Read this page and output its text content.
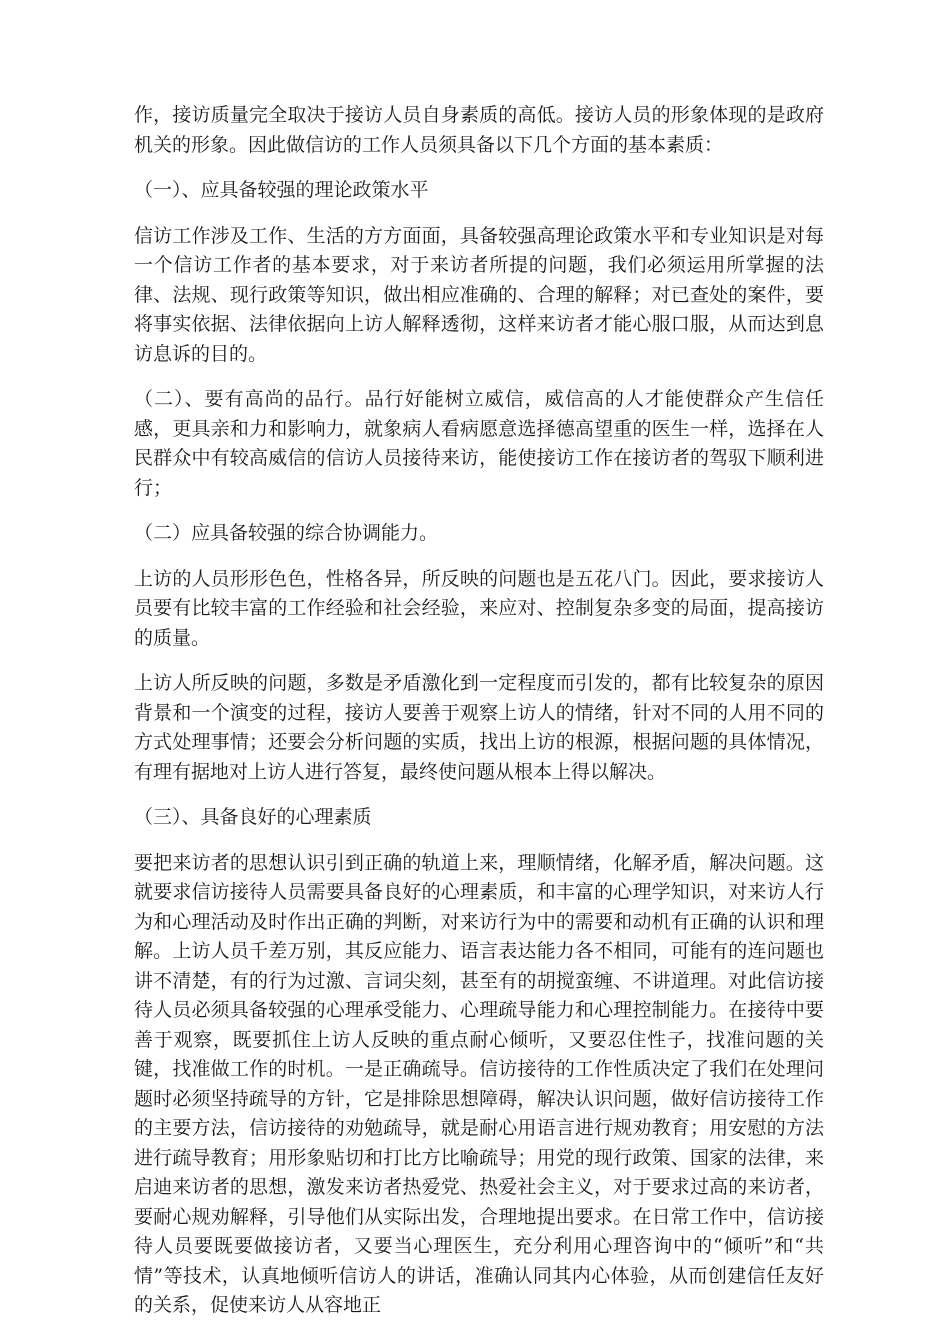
作，接访质量完全取决于接访人员自身素质的高低。接访人员的形象体现的是政府机关的形象。因此做信访的工作人员须具备以下几个方面的基本素质：

（一）、应具备较强的理论政策水平

信访工作涉及工作、生活的方方面面，具备较强高理论政策水平和专业知识是对每一个信访工作者的基本要求，对于来访者所提的问题，我们必须运用所掌握的法律、法规、现行政策等知识，做出相应准确的、合理的解释；对已查处的案件，要将事实依据、法律依据向上访人解释透彻，这样来访者才能心服口服，从而达到息访息诉的目的。

（二）、要有高尚的品行。品行好能树立威信，威信高的人才能使群众产生信任感，更具亲和力和影响力，就象病人看病愿意选择德高望重的医生一样，选择在人民群众中有较高威信的信访人员接待来访，能使接访工作在接访者的驾驭下顺利进行；

（二）应具备较强的综合协调能力。

上访的人员形形色色，性格各异，所反映的问题也是五花八门。因此，要求接访人员要有比较丰富的工作经验和社会经验，来应对、控制复杂多变的局面，提高接访的质量。

上访人所反映的问题，多数是矛盾激化到一定程度而引发的，都有比较复杂的原因背景和一个演变的过程，接访人要善于观察上访人的情绪，针对不同的人用不同的方式处理事情；还要会分析问题的实质，找出上访的根源，根据问题的具体情况，有理有据地对上访人进行答复，最终使问题从根本上得以解决。

（三）、具备良好的心理素质

要把来访者的思想认识引到正确的轨道上来，理顺情绪，化解矛盾，解决问题。这就要求信访接待人员需要具备良好的心理素质，和丰富的心理学知识，对来访人行为和心理活动及时作出正确的判断，对来访行为中的需要和动机有正确的认识和理解。上访人员千差万别，其反应能力、语言表达能力各不相同，可能有的连问题也讲不清楚，有的行为过激、言词尖刻，甚至有的胡搅蛮缠、不讲道理。对此信访接待人员必须具备较强的心理承受能力、心理疏导能力和心理控制能力。在接待中要善于观察，既要抓住上访人反映的重点耐心倾听，又要忍住性子，找准问题的关键，找准做工作的时机。一是正确疏导。信访接待的工作性质决定了我们在处理问题时必须坚持疏导的方针，它是排除思想障碍，解决认识问题，做好信访接待工作的主要方法，信访接待的劝勉疏导，就是耐心用语言进行规劝教育；用安慰的方法进行疏导教育；用形象贴切和打比方比喻疏导；用党的现行政策、国家的法律，来启迪来访者的思想，激发来访者热爱党、热爱社会主义，对于要求过高的来访者，要耐心规劝解释，引导他们从实际出发，合理地提出要求。在日常工作中，信访接待人员要既要做接访者，又要当心理医生，充分利用心理咨询中的“倾听”和“共情”等技术，认真地倾听信访人的讲话，准确认同其内心体验，从而创建信任友好的关系，促使来访人从容地正
